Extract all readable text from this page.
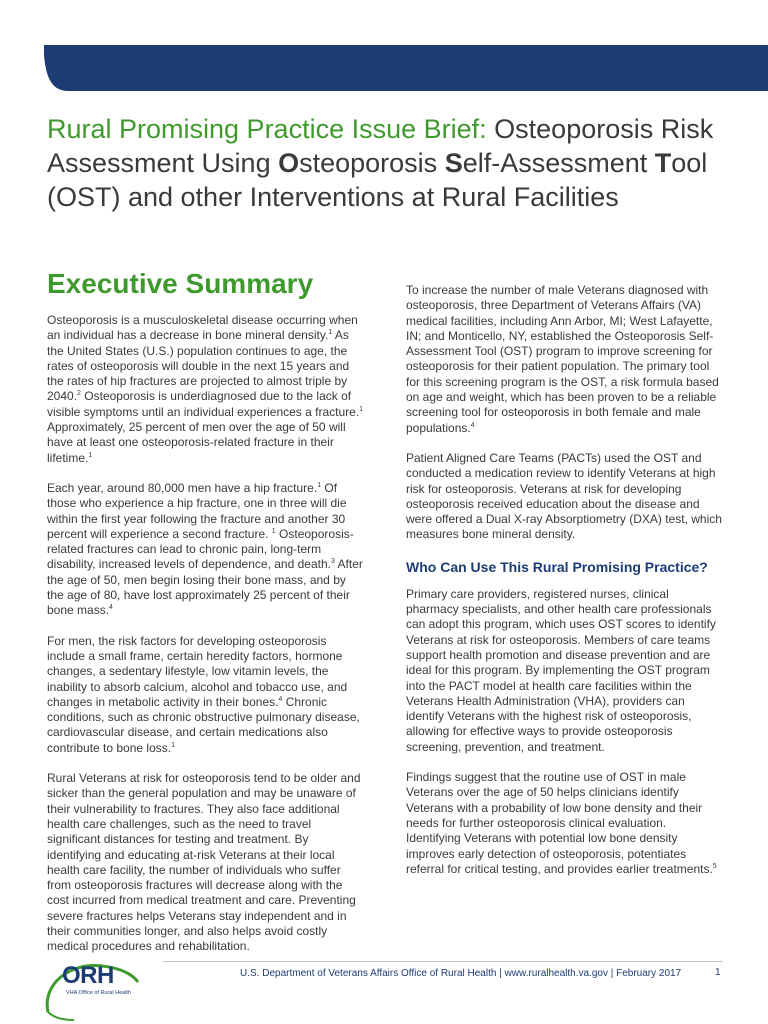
Rural Promising Practice Issue Brief: Osteoporosis Risk Assessment Using Osteoporosis Self-Assessment Tool (OST) and other Interventions at Rural Facilities
Executive Summary

Osteoporosis is a musculoskeletal disease occurring when an individual has a decrease in bone mineral density.$^1$ As the United States (U.S.) population continues to age, the rates of osteoporosis will double in the next 15 years and the rates of hip fractures are projected to almost triple by 2040.$^2$ Osteoporosis is underdiagnosed due to the lack of visible symptoms until an individual experiences a fracture.$^1$ Approximately, 25 percent of men over the age of 50 will have at least one osteoporosis-related fracture in their lifetime.$^1$

Each year, around 80,000 men have a hip fracture.$^1$ Of those who experience a hip fracture, one in three will die within the first year following the fracture and another 30 percent will experience a second fracture. $^1$ Osteoporosis-related fractures can lead to chronic pain, long-term disability, increased levels of dependence, and death.$^3$ After the age of 50, men begin losing their bone mass, and by the age of 80, have lost approximately 25 percent of their bone mass.$^4$

For men, the risk factors for developing osteoporosis include a small frame, certain heredity factors, hormone changes, a sedentary lifestyle, low vitamin levels, the inability to absorb calcium, alcohol and tobacco use, and changes in metabolic activity in their bones.$^4$ Chronic conditions, such as chronic obstructive pulmonary disease, cardiovascular disease, and certain medications also contribute to bone loss.$^1$

Rural Veterans at risk for osteoporosis tend to be older and sicker than the general population and may be unaware of their vulnerability to fractures. They also face additional health care challenges, such as the need to travel significant distances for testing and treatment. By identifying and educating at-risk Veterans at their local health care facility, the number of individuals who suffer from osteoporosis fractures will decrease along with the cost incurred from medical treatment and care. Preventing severe fractures helps Veterans stay independent and in their communities longer, and also helps avoid costly medical procedures and rehabilitation.

To increase the number of male Veterans diagnosed with osteoporosis, three Department of Veterans Affairs (VA) medical facilities, including Ann Arbor, MI; West Lafayette, IN; and Monticello, NY, established the Osteoporosis Self-Assessment Tool (OST) program to improve screening for osteoporosis for their patient population. The primary tool for this screening program is the OST, a risk formula based on age and weight, which has been proven to be a reliable screening tool for osteoporosis in both female and male populations.$^4$

Patient Aligned Care Teams (PACTs) used the OST and conducted a medication review to identify Veterans at high risk for osteoporosis. Veterans at risk for developing osteoporosis received education about the disease and were offered a Dual X-ray Absorptiometry (DXA) test, which measures bone mineral density.

Who Can Use This Rural Promising Practice?

Primary care providers, registered nurses, clinical pharmacy specialists, and other health care professionals can adopt this program, which uses OST scores to identify Veterans at risk for osteoporosis. Members of care teams support health promotion and disease prevention and are ideal for this program. By implementing the OST program into the PACT model at health care facilities within the Veterans Health Administration (VHA), providers can identify Veterans with the highest risk of osteoporosis, allowing for effective ways to provide osteoporosis screening, prevention, and treatment.

Findings suggest that the routine use of OST in male Veterans over the age of 50 helps clinicians identify Veterans with a probability of low bone density and their needs for further osteoporosis clinical evaluation. Identifying Veterans with potential low bone density improves early detection of osteoporosis, potentiates referral for critical testing, and provides earlier treatments.$^5$

ORH
VHA Office of Rural Health
U.S. Department of Veterans Affairs Office of Rural Health | www.ruralhealth.va.gov | February 2017	1
